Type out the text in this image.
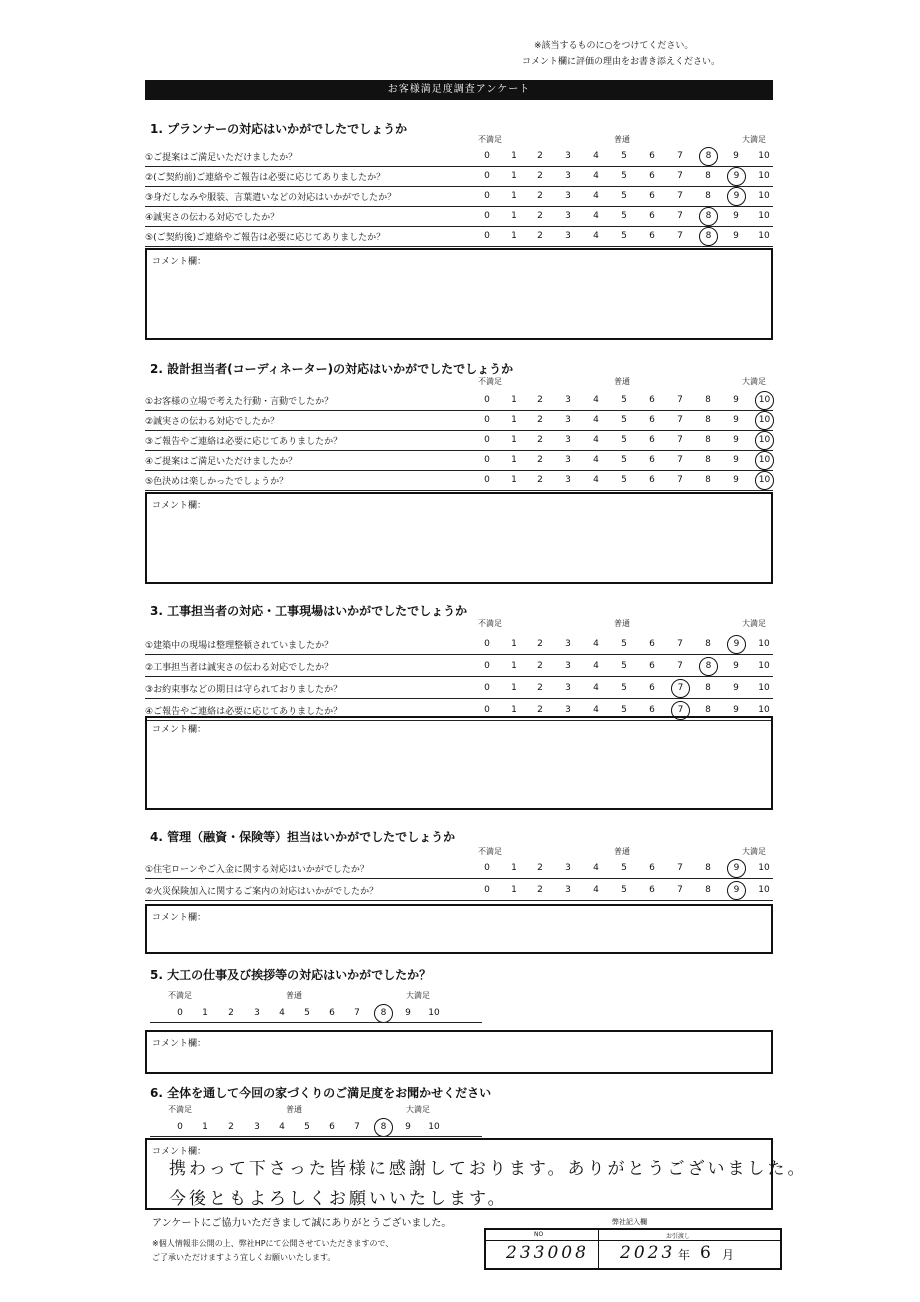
※該当するものに○をつけてください。
コメント欄に評価の理由をお書き添えください。
お客様満足度調査アンケート
1. プランナーの対応はいかがでしたでしょうか
不満足	普通	大満足
①ご提案はご満足いただけましたか？	0	1	2	3	4	5	6	7	8	9	10
②(ご契約前)ご連絡やご報告は必要に応じてありましたか？	0	1	2	3	4	5	6	7	8	9	10
③身だしなみや服装、言葉遣いなどの対応はいかがでしたか？	0	1	2	3	4	5	6	7	8	9	10
④誠実さの伝わる対応でしたか？	0	1	2	3	4	5	6	7	8	9	10
⑤(ご契約後)ご連絡やご報告は必要に応じてありましたか？	0	1	2	3	4	5	6	7	8	9	10
コメント欄：
2. 設計担当者(コーディネーター)の対応はいかがでしたでしょうか
不満足	普通	大満足
①お客様の立場で考えた行動・言動でしたか？	0	1	2	3	4	5	6	7	8	9	10
②誠実さの伝わる対応でしたか？	0	1	2	3	4	5	6	7	8	9	10
③ご報告やご連絡は必要に応じてありましたか？	0	1	2	3	4	5	6	7	8	9	10
④ご提案はご満足いただけましたか？	0	1	2	3	4	5	6	7	8	9	10
⑤色決めは楽しかったでしょうか？	0	1	2	3	4	5	6	7	8	9	10
コメント欄：
3. 工事担当者の対応・工事現場はいかがでしたでしょうか
不満足	普通	大満足
①建築中の現場は整理整頓されていましたか？	0	1	2	3	4	5	6	7	8	9	10
②工事担当者は誠実さの伝わる対応でしたか？	0	1	2	3	4	5	6	7	8	9	10
③お約束事などの期日は守られておりましたか？	0	1	2	3	4	5	6	7	8	9	10
④ご報告やご連絡は必要に応じてありましたか？	0	1	2	3	4	5	6	7	8	9	10
コメント欄：
4. 管理（融資・保険等）担当はいかがでしたでしょうか
不満足	普通	大満足
①住宅ローンやご入金に関する対応はいかがでしたか？	0	1	2	3	4	5	6	7	8	9	10
②火災保険加入に関するご案内の対応はいかがでしたか？	0	1	2	3	4	5	6	7	8	9	10
コメント欄：
5. 大工の仕事及び挨拶等の対応はいかがでしたか？
不満足	普通	大満足
0	1	2	3	4	5	6	7	8	9	10
コメント欄：
6. 全体を通して今回の家づくりのご満足度をお聞かせください
不満足	普通	大満足
0	1	2	3	4	5	6	7	8	9	10
コメント欄：
携わって下さった皆様に感謝しております。ありがとうございました。
今後ともよろしくお願いいたします。
アンケートにご協力いただきまして誠にありがとうございました。
※個人情報非公開の上、弊社HPにて公開させていただきますので、
ご了承いただけますよう宜しくお願いいたします。
弊社記入欄
NO	お引渡し
233008 2023 年 6 月
